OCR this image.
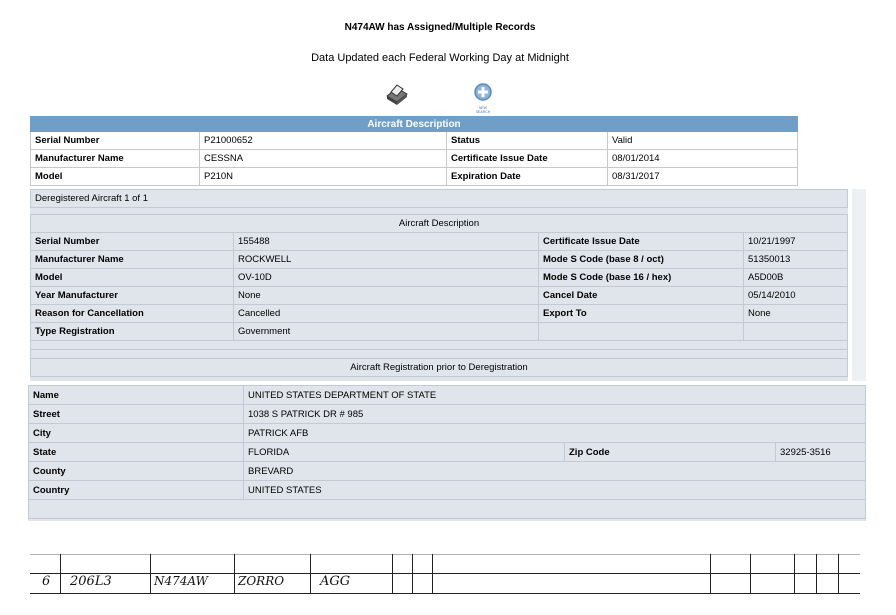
N474AW has Assigned/Multiple Records
Data Updated each Federal Working Day at Midnight
NEW SEARCH
Aircraft Description			
Serial Number	P21000652	Status	Valid
Manufacturer Name	CESSNA	Certificate Issue Date	08/01/2014
Model	P210N	Expiration Date	08/31/2017
Deregistered Aircraft 1 of 1			

Aircraft Description			
Serial Number	155488	Certificate Issue Date	10/21/1997
Manufacturer Name	ROCKWELL	Mode S Code (base 8 / oct)	51350013
Model	OV-10D	Mode S Code (base 16 / hex)	A5D00B
Year Manufacturer	None	Cancel Date	05/14/2010
Reason for Cancellation	Cancelled	Export To	None
Type Registration	Government		

Aircraft Registration prior to Deregistration			
Name	UNITED STATES DEPARTMENT OF STATE		
Street	1038 S PATRICK DR # 985		
City	PATRICK AFB		
State	FLORIDA	Zip Code	32925-3516
County	BREVARD		
Country	UNITED STATES		

6 206L3	N474AW	ZORRO	AGG
